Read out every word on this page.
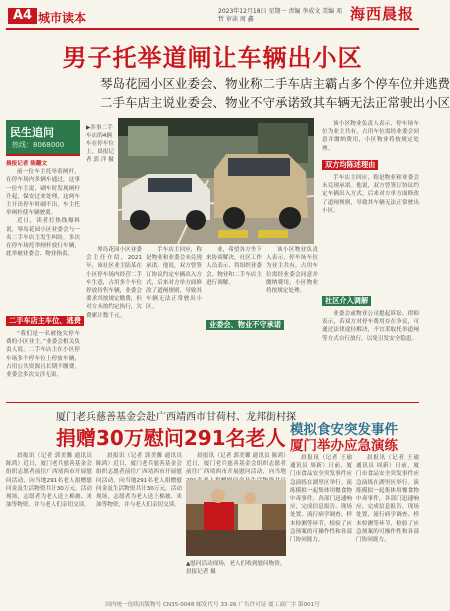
A4 城市读本	2023年12月18日 星期一 责编 李成文 美编 邓 哲 审读 周 鑫	海西晨报
男子托举道闸让车辆出小区
琴岛花园小区业委会、物业称二手车店主霸占多个停车位并逃费
二手车店主说业委会、物业不守承诺致其车辆无法正常驶出小区
民生追问
热线：8068000

晨报记者 陈翻文

前一位车主托举着闸杆，在停车场内多辆车通过，这事一位车主说，刷车时发现闸杆升起，保安过来处理。这两车主开出停车时刷不出，车主托举闸杆使车辆驶离。

近日，读者打热线爆料说，琴岛花园小区业委会与一名二手车店主发生纠纷，多次在停车场托举闸杆放行车辆，此举被业委会、物业指责。

二手车店主车位、逃费

“我们是一名被拖欠停车费的小区业主。”业委会相关负责人说，二手车店主在小区停车场多个停车位上停放车辆，占用公共资源且长期不缴费，业委会多次交涉无果。

▶涉事二手车店的4辆车在停车位上。晨报记者 郭 洋 摄

琴岛花园小区业委会主任介绍，2021年，该社区业主陆某在小区停车场内经营二手车生意，占用多个车位停放待售车辆，业委会要求其按规定缴费，但对方未按约定执行，欠费累计数千元。

手车店主回应，称是物业和业委会未兑现承诺。他说，双方曾签订协议约定车辆出入方式，后来对方单方面修改了道闸规则，导致其车辆无法正常驶出小区。

业委会、物业不守承诺

业，希望各方坐下来协商解决。社区工作人员表示，将组织业委会、物业和二手车店主进行调解。

该小区物业负责人表示，停车场车位为业主共有，占用车位需经业委会同意并缴纳费用，小区物业将按规定处理。

双方均陈述理由

该小区物业负责人表示，停车场车位为业主共有，占用车位需经业委会同意并缴纳费用，小区物业将按规定处理。

手车店主回应，称是物业和业委会未兑现承诺。他说，双方曾签订协议约定车辆出入方式，后来对方单方面修改了道闸规则，导致其车辆无法正常驶出小区。

社区介入调解

业委会或物业公司提起诉讼。律师表示，若双方对停车费用存在争议，可通过法律途径解决，不宜采取托举道闸等方式自行放行，以免引发安全隐患。

厦门老兵慈善基金会赴广西靖西市甘荷村、龙邦街村探
捐赠30万慰问291名老人

晨报讯（记者 郭美馨 通讯员 陈鸿）近日，厦门老兵慈善基金会组织志愿者前往广西靖西市开展慰问活动，向当地291名老人捐赠慰问金及生活物资共计30万元。活动现场，志愿者为老人送上棉被、米油等物资，并与老人们亲切交谈。

晨报讯（记者 郭美馨 通讯员 陈鸿）近日，厦门老兵慈善基金会组织志愿者前往广西靖西市开展慰问活动，向当地291名老人捐赠慰问金及生活物资共计30万元。活动现场，志愿者为老人送上棉被、米油等物资，并与老人们亲切交谈。

晨报讯（记者 郭美馨 通讯员 陈鸿）近日，厦门老兵慈善基金会组织志愿者前往广西靖西市开展慰问活动，向当地

▲慰问活动现场，老人们收到慰问物资。晨报记者 摄
模拟食安突发事件
厦门举办应急演练

晨报讯（记者 王瑜 通讯员 周新）日前，厦门市食品安全突发事件应急演练在湖里区举行。演练模拟一起集体用餐食物中毒事件，各部门迅速响应，完成信息报告、现场处置、流行病学调查、样本检测等环节，检验了应急预案的可操作性和各部门协同能力。

晨报讯（记者 王瑜 通讯员 周新）日前，厦门市食品安全突发事件应急演练在湖里区举行。演练模拟一起集体用餐食物中毒事件，各部门迅速响应，完成信息报告、现场处置、流行病学调查、样本检测等环节，检验了应急预案的可操作性和各部门协同能力。

国内统一连续出版物号 CN35-0048 邮发代号 33-26 广告许可证 厦工商广字 第001号
